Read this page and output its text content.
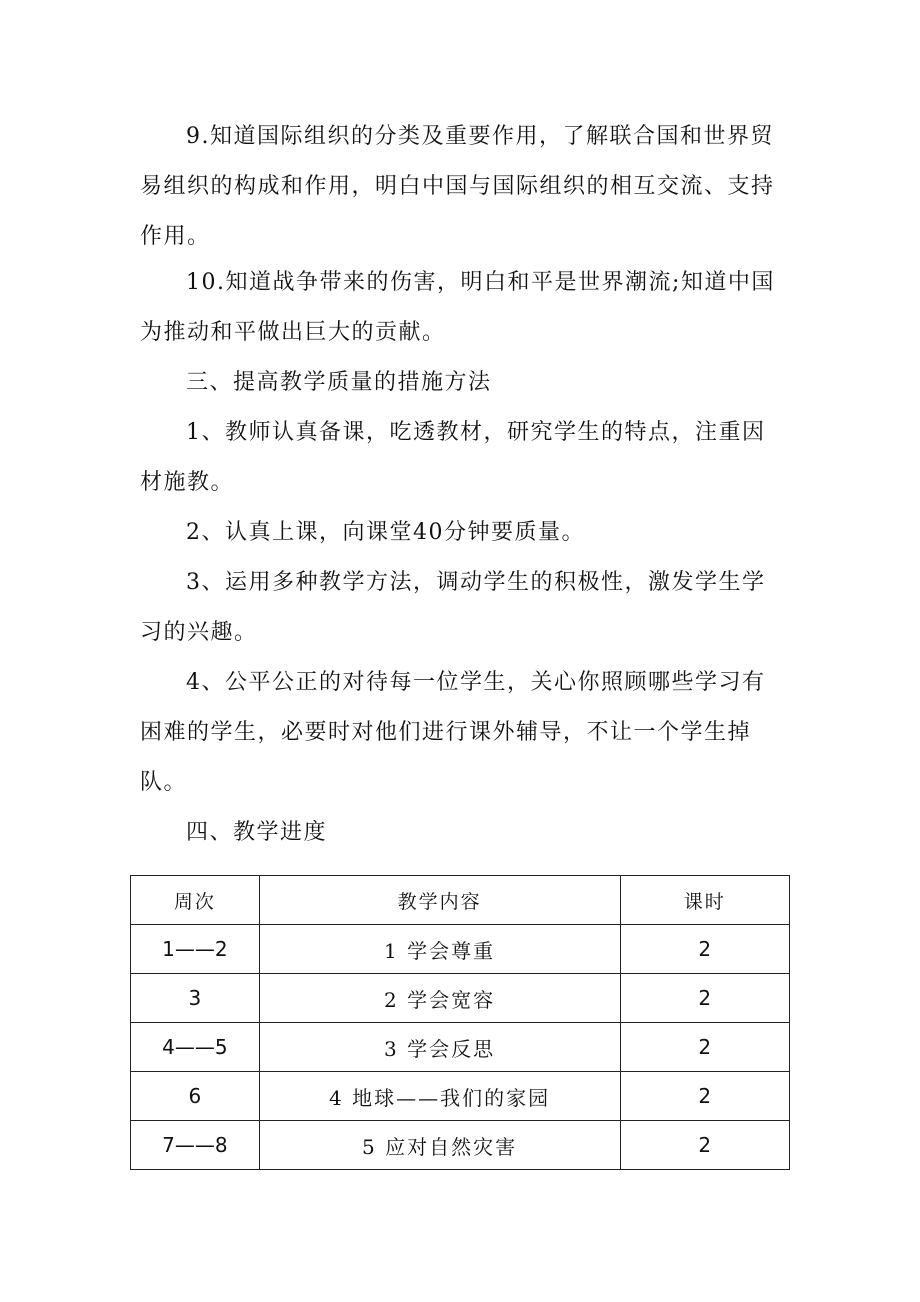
9.知道国际组织的分类及重要作用，了解联合国和世界贸易组织的构成和作用，明白中国与国际组织的相互交流、支持作用。

10.知道战争带来的伤害，明白和平是世界潮流;知道中国为推动和平做出巨大的贡献。

三、提高教学质量的措施方法

1、教师认真备课，吃透教材，研究学生的特点，注重因材施教。

2、认真上课，向课堂40分钟要质量。

3、运用多种教学方法，调动学生的积极性，激发学生学习的兴趣。

4、公平公正的对待每一位学生，关心你照顾哪些学习有困难的学生，必要时对他们进行课外辅导，不让一个学生掉队。

四、教学进度

周次	教学内容	课时
1——2	1 学会尊重	2
3	2 学会宽容	2
4——5	3 学会反思	2
6	4 地球——我们的家园	2
7——8	5 应对自然灾害	2
